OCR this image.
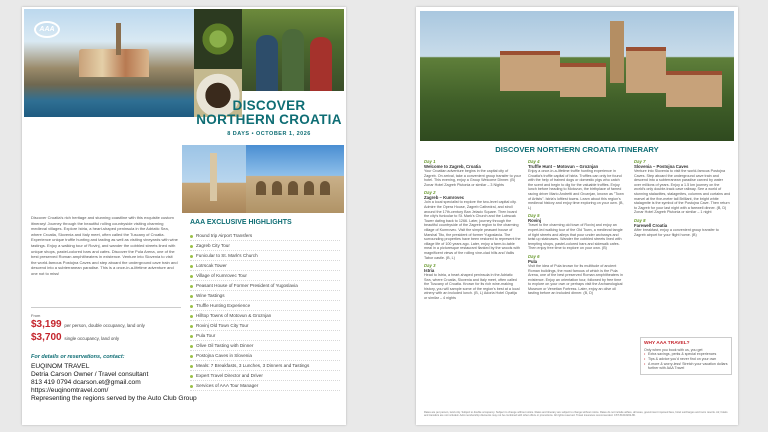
AAA
DISCOVER NORTHERN CROATIA
8 DAYS • OCTOBER 1, 2026
Discover Croatia's rich heritage and stunning coastline with this exquisite custom itinerary! Journey through the beautiful rolling countryside visiting charming medieval villages. Explore Istria, a heart-shaped peninsula in the Adriatic Sea, where Croatia, Slovenia and Italy meet, often called the Tuscany of Croatia. Experience unique truffle hunting and tasting as well as visiting vineyards with wine tastings. Enjoy a walking tour of Rovinj, and wander the cobbled streets lined with unique shops, pastel-colored bars and cafes. Discover the Pula Arena, one of the best preserved Roman amphitheaters in existence. Venture into Slovenia to visit the world-famous Postojna Caves and step aboard the underground cave train and descend into a subterranean paradise. This is a once-in-a-lifetime adventure and one not to miss!
From
$3,199 per person, double occupancy, land only
$3,700 single occupancy, land only
For details or reservations, contact:
EUQINOM TRAVEL
Detria Carson Owner / Travel consultant
813 419 0794 dcarson.et@gmail.com
https://euqinomtravel.com/
Representing the regions served by the Auto Club Group
AAA EXCLUSIVE HIGHLIGHTS
Round trip Airport Transfers
Zagreb City Tour
Funicular to St. Mark's Church
Lotrscak Tower
Village of Kumrovec Tour
Peasant House of Former President of Yugoslavia
Wine Tastings
Truffle Hunting Experience
Hilltop Towns of Motovun & Groznjan
Rovinj Old Town City Tour
Pula Tour
Olive Oil Tasting with Dinner
Postojna Caves in Slovenia
Meals: 7 Breakfasts, 3 Lunches, 3 Dinners and Tastings
Expert Travel Director and Driver
Services of AAA Tour Manager
DISCOVER NORTHERN CROATIA ITINERARY
Day 1
Welcome to Zagreb, Croatia
Your Croatian adventure begins in the capital city of Zagreb. On arrival, take a convenient group transfer to your hotel. This evening, enjoy a Group Welcome Dinner. (B) Zonar Hotel Zagreb Plutonia or similar – 3 Nights
Day 2
Zagreb – Kumrovec
Join a local specialist to explore the two-level capital city. Admire the Opera House, Zagreb Cathedral, and stroll around the 17th-century Ban Jelacic Square. Then board the city's funicular to St. Mark's Church and the Lotrscak Tower dating back to 1266. Later, journey through the beautiful countryside of the Zagreb region to the charming village of Kumrovec. Visit the simple peasant house of Marshal Tito, the president of former Yugoslavia. The surrounding properties have been restored to represent the village life of 100 years ago. Later, enjoy a farm-to-table meal in a picturesque restaurant flanked by the woods with magnificent views of the rolling vine-clad hills and Vallis Tabor castle. (B, L)
Day 3
Istria
Head to Istria, a heart-shaped peninsula in the Adriatic Sea, where Croatia, Slovenia and Italy meet, often called the Tuscany of Croatia. Known for its rich wine-making history, you will sample some of the region's best at a local winery with an included lunch. (B, L) Adoria Hotel Opatija or similar – 4 nights
Day 4
Truffle Hunt – Motovun – Groznjan
Enjoy a once-in-a-lifetime truffle hunting experience in Croatia's truffle capital of Istria. Truffles can only be found with the help of trained dogs or domestic pigs who catch the scent and begin to dig for the valuable truffles. Enjoy lunch before heading to Motovun, the birthplace of famed racing driver Mario Andretti and Groznjan, known as "Town of Artists". Istria's loftiest towns. Learn about this region's medieval history and enjoy time exploring on your own. (B, L)
Day 5
Rovinj
Travel to the charming old town of Rovinj and enjoy an expert-led walking tour of the Old Town, a medieval tangle of tight streets and alleys that pour under archways and twist up staircases. Wander the cobbled streets lined with tempting shops, pastel-colored bars and sidewalk cafes. Then enjoy free time to explore on your own. (B)
Day 6
Pula
Visit the idea of Pula known for its multitude of ancient Roman buildings, the most famous of which is the Pula Arena, one of the best preserved Roman amphitheaters in existence. Enjoy an orientation tour, followed by free time to explore on your own or perhaps visit the Archaeological Museum or Venetian Fortress. Later, enjoy an olive oil tasting before an included dinner. (B, D)
Day 7
Slovenia – Postojna Caves
Venture into Slovenia to visit the world-famous Postojna Caves. Step aboard the underground cave train and descend into a subterranean paradise carved by water over millions of years. Enjoy a 1.5 km journey on the world's only double-track cave railway. See a world of stunning stalactites, stalagmites, columns and curtains and marvel at the five-meter tall Brilliant, the bright white stalagmite is the symbol of the Postojna Cave. Then return to Zagreb for your last night with a farewell dinner. (B, D) Zonar Hotel Zagreb Plutonia or similar – 1 night
Day 8
Farewell Croatia
After breakfast, enjoy a convenient group transfer to Zagreb airport for your flight home. (B)
WHY AAA TRAVEL?
Only when you book with us, you get
• Extra savings, perks & special experiences
• Tips & advice you'd never find on your own
• A more & worry-less! Stretch your vacation dollars further with AAA Travel
Rates are per person, land only. Subject to double occupancy. Subject to change without notice. Rates and itinerary are subject to change without notice. Rates do not include airfare, all taxes, government imposed fees, hotel surcharges and room resorts. Air, hotels and transfers are not included. AAA membership discounts may not be combined with other offers or promotions. All rights reserved. Travel insurance recommended. CST #1016202-80.
